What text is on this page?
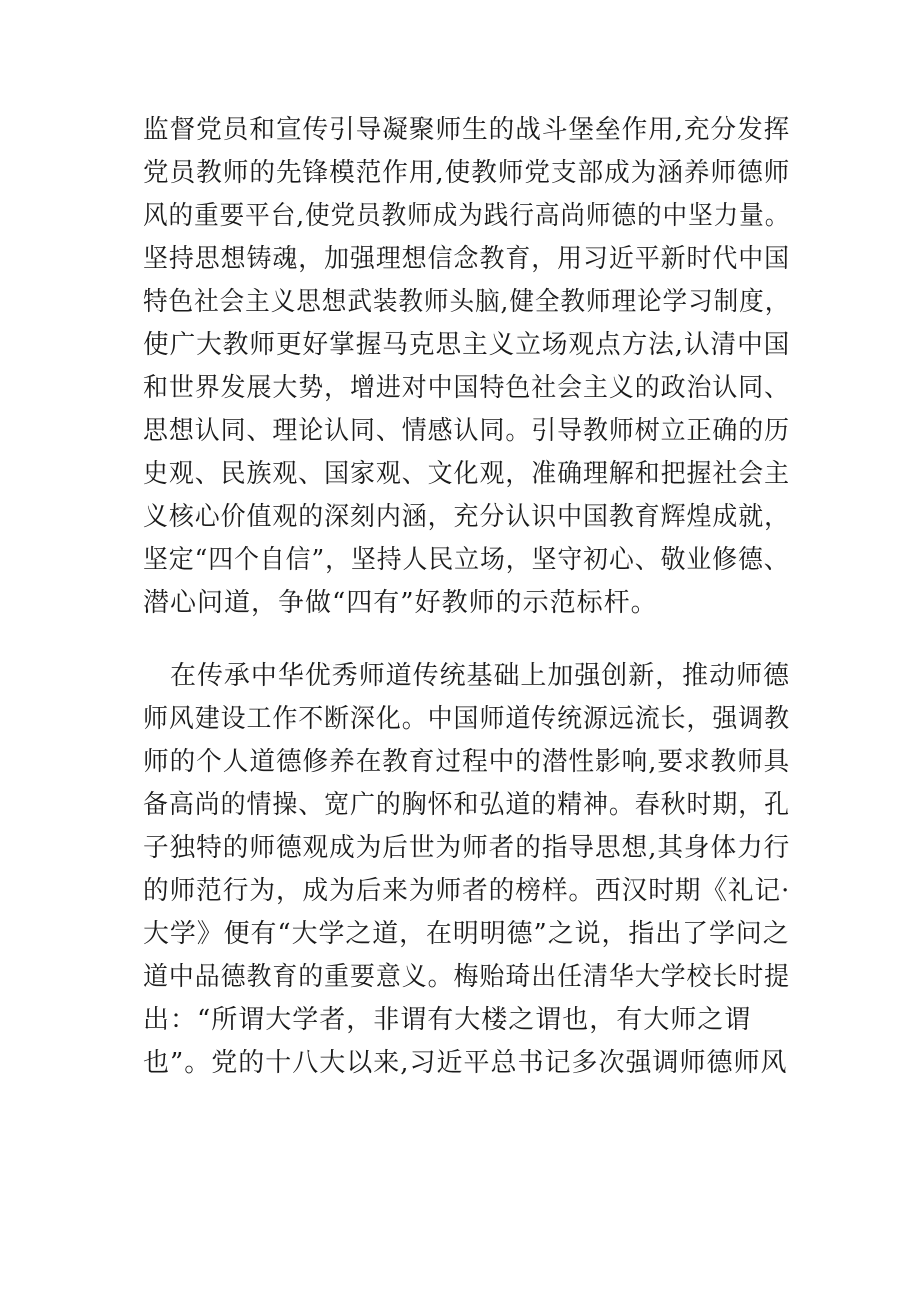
监督党员和宣传引导凝聚师生的战斗堡垒作用,充分发挥
党员教师的先锋模范作用,使教师党支部成为涵养师德师
风的重要平台,使党员教师成为践行高尚师德的中坚力量。
坚持思想铸魂，加强理想信念教育，用习近平新时代中国
特色社会主义思想武装教师头脑,健全教师理论学习制度，
使广大教师更好掌握马克思主义立场观点方法,认清中国
和世界发展大势，增进对中国特色社会主义的政治认同、
思想认同、理论认同、情感认同。引导教师树立正确的历
史观、民族观、国家观、文化观，准确理解和把握社会主
义核心价值观的深刻内涵，充分认识中国教育辉煌成就，
坚定“四个自信”，坚持人民立场，坚守初心、敬业修德、
潜心问道，争做“四有”好教师的示范标杆。
在传承中华优秀师道传统基础上加强创新，推动师德
师风建设工作不断深化。中国师道传统源远流长，强调教
师的个人道德修养在教育过程中的潜性影响,要求教师具
备高尚的情操、宽广的胸怀和弘道的精神。春秋时期，孔
子独特的师德观成为后世为师者的指导思想,其身体力行
的师范行为，成为后来为师者的榜样。西汉时期《礼记·
大学》便有“大学之道，在明明德”之说，指出了学问之
道中品德教育的重要意义。梅贻琦出任清华大学校长时提
出：“所谓大学者，非谓有大楼之谓也，有大师之谓
也”。党的十八大以来,习近平总书记多次强调师德师风
